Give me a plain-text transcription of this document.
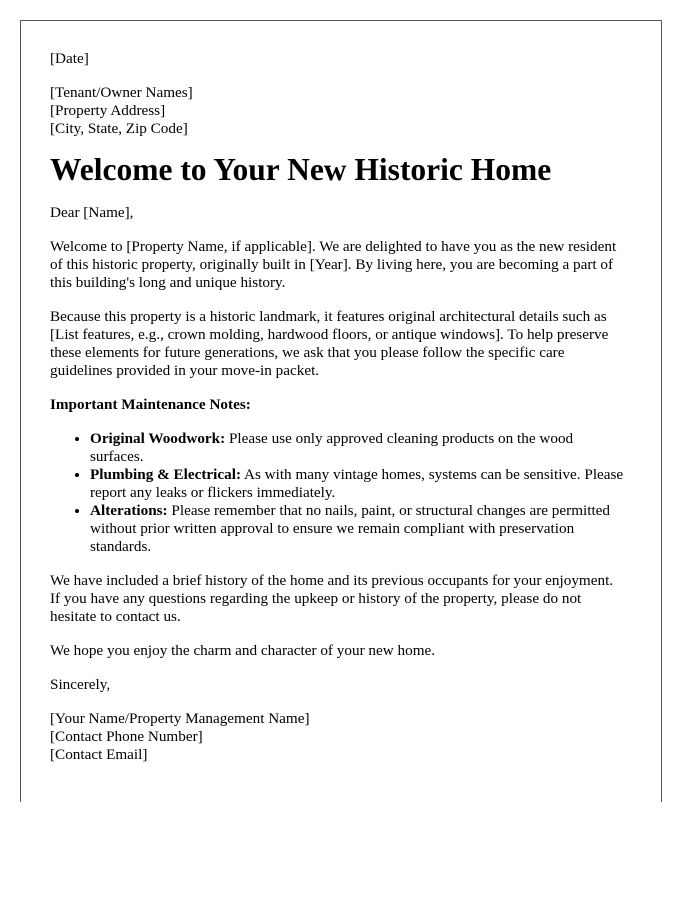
[Date]

[Tenant/Owner Names]

[Property Address]

[City, State, Zip Code]

Welcome to Your New Historic Home

Dear [Name],

Welcome to [Property Name, if applicable]. We are delighted to have you as the new resident of this historic property, originally built in [Year]. By living here, you are becoming a part of this building's long and unique history.

Because this property is a historic landmark, it features original architectural details such as [List features, e.g., crown molding, hardwood floors, or antique windows]. To help preserve these elements for future generations, we ask that you please follow the specific care guidelines provided in your move-in packet.

Important Maintenance Notes:

• Original Woodwork: Please use only approved cleaning products on the wood surfaces.
• Plumbing & Electrical: As with many vintage homes, systems can be sensitive. Please report any leaks or flickers immediately.
• Alterations: Please remember that no nails, paint, or structural changes are permitted without prior written approval to ensure we remain compliant with preservation standards.

We have included a brief history of the home and its previous occupants for your enjoyment. If you have any questions regarding the upkeep or history of the property, please do not hesitate to contact us.

We hope you enjoy the charm and character of your new home.

Sincerely,

[Your Name/Property Management Name]

[Contact Phone Number]

[Contact Email]
